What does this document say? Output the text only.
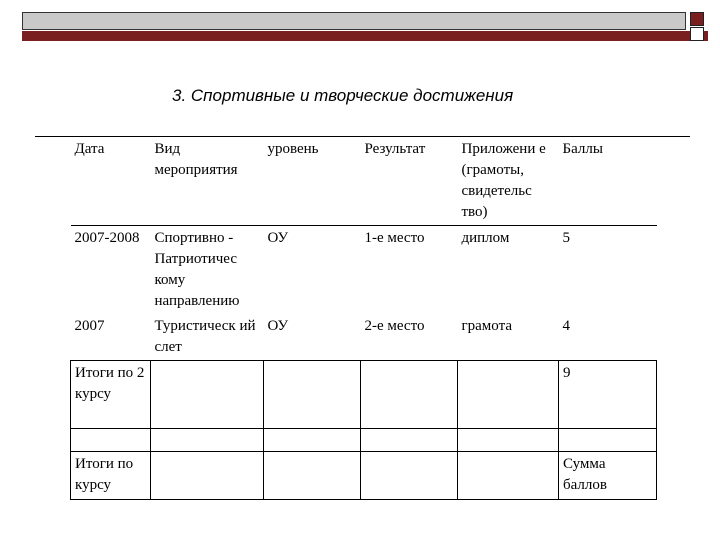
3. Спортивные и творческие достижения
Дата	Вид мероприятия	уровень	Результат	Приложени е (грамоты, свидетельс тво)	Баллы
2007-2008	Спортивно - Патриотичес кому направлению	ОУ	1-е место	диплом	5
2007	Туристическ ий слет	ОУ	2-е место	грамота	4
Итоги по 2 курсу					9

Итоги по курсу					Сумма баллов
